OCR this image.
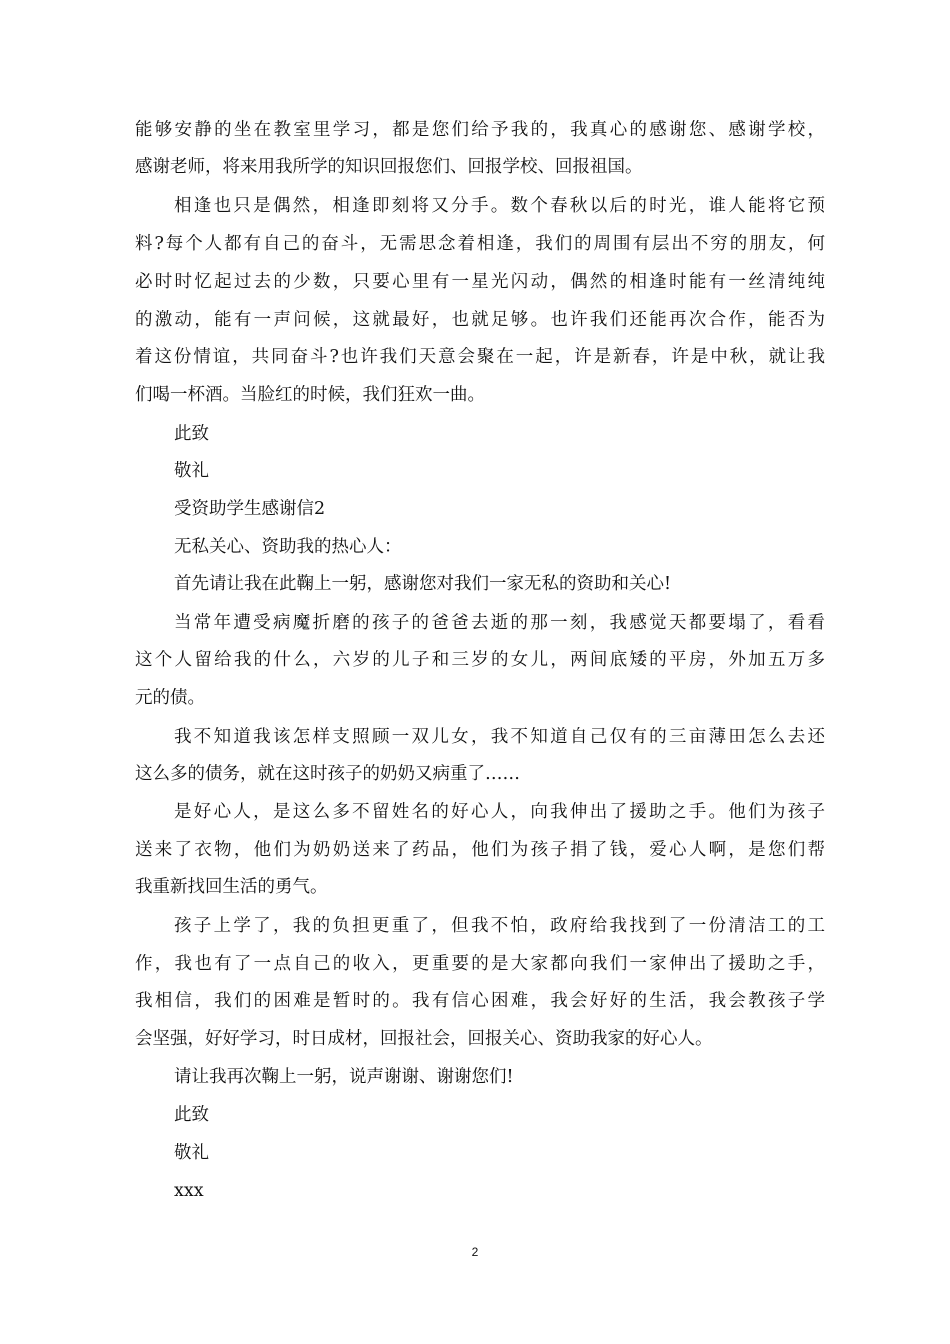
能够安静的坐在教室里学习，都是您们给予我的，我真心的感谢您、感谢学校，
感谢老师，将来用我所学的知识回报您们、回报学校、回报祖国。
相逢也只是偶然，相逢即刻将又分手。数个春秋以后的时光，谁人能将它预
料?每个人都有自己的奋斗，无需思念着相逢，我们的周围有层出不穷的朋友，何
必时时忆起过去的少数，只要心里有一星光闪动，偶然的相逢时能有一丝清纯纯
的激动，能有一声问候，这就最好，也就足够。也许我们还能再次合作，能否为
着这份情谊，共同奋斗?也许我们天意会聚在一起，许是新春，许是中秋，就让我
们喝一杯酒。当脸红的时候，我们狂欢一曲。
此致
敬礼
受资助学生感谢信2
无私关心、资助我的热心人：
首先请让我在此鞠上一躬，感谢您对我们一家无私的资助和关心!
当常年遭受病魔折磨的孩子的爸爸去逝的那一刻，我感觉天都要塌了，看看
这个人留给我的什么，六岁的儿子和三岁的女儿，两间底矮的平房，外加五万多
元的债。
我不知道我该怎样支照顾一双儿女，我不知道自己仅有的三亩薄田怎么去还
这么多的债务，就在这时孩子的奶奶又病重了……
是好心人，是这么多不留姓名的好心人，向我伸出了援助之手。他们为孩子
送来了衣物，他们为奶奶送来了药品，他们为孩子捐了钱，爱心人啊，是您们帮
我重新找回生活的勇气。
孩子上学了，我的负担更重了，但我不怕，政府给我找到了一份清洁工的工
作，我也有了一点自己的收入，更重要的是大家都向我们一家伸出了援助之手，
我相信，我们的困难是暂时的。我有信心困难，我会好好的生活，我会教孩子学
会坚强，好好学习，时日成材，回报社会，回报关心、资助我家的好心人。
请让我再次鞠上一躬，说声谢谢、谢谢您们!
此致
敬礼
xxx
2
